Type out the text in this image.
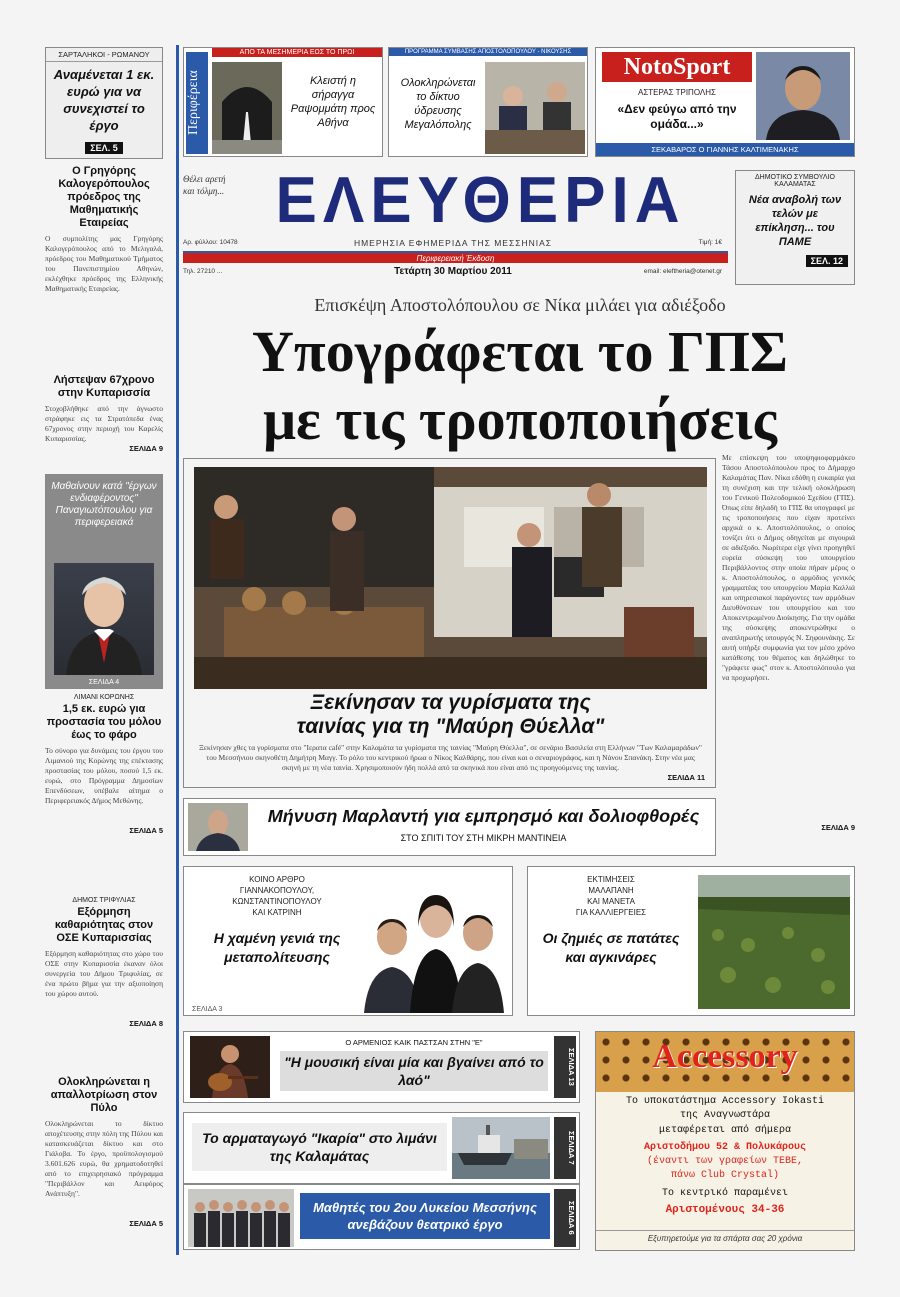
ΣΑΡΤΑΛΗΚΟΙ - ΡΩΜΑΝΟΥ
Αναμένεται 1 εκ. ευρώ για να συνεχιστεί το έργο
ΣΕΛ. 5
Ο Γρηγόρης Καλογερόπουλος πρόεδρος της Μαθηματικής Εταιρείας
Ο συμπολίτης μας Γρηγόρης Καλογερόπουλος από το Μελιγαλά, πρόεδρος του Μαθηματικού Τμήματος του Πανεπιστημίου Αθηνών, εκλέχθηκε πρόεδρος της Ελληνικής Μαθηματικής Εταιρείας.
Λήστεψαν 67χρονο στην Κυπαρισσία
Στοχοβλήθηκε από την άγνωστο στράφηκε εις τα Στρατόπεδα ένας 67χρονος στην περιοχή του Καρελίς Κυπαρισσίας.
ΣΕΛΙΔΑ 9
Μαθαίνουν κατά "έργων ενδιαφέροντος" Παναγιωτόπουλου για περιφερειακά
ΣΕΛΙΔΑ 4
ΛΙΜΑΝΙ ΚΟΡΩΝΗΣ
1,5 εκ. ευρώ για προστασία του μόλου έως το φάρο
Το σύνορο για δυνάμεις του έργου του Λιμανιού της Κορώνης της επέκτασης προστασίας του μόλου, ποσού 1,5 εκ. ευρώ, στο Πρόγραμμα Δημοσίων Επενδύσεων, υπέβαλε αίτημα ο Περιφερειακός Δήμος Μεθώνης.
ΣΕΛΙΔΑ 5
ΔΗΜΟΣ ΤΡΙΦΥΛΙΑΣ
Εξόρμηση καθαριότητας στον ΟΣΕ Κυπαρισσίας
Εξόρμηση καθαριότητας στο χώρο του ΟΣΕ στην Κυπαρισσία έκαναν όλοι συνεργεία του Δήμου Τριφυλίας, σε ένα πρώτο βήμα για την αξιοποίηση του χώρου αυτού.
ΣΕΛΙΔΑ 8
Ολοκληρώνεται η απαλλοτρίωση στον Πύλο
Ολοκληρώνεται το δίκτυο αποχέτευσης στην πόλη της Πύλου και κατασκευάζεται δίκτυο και στο Γιάλοβα. Το έργο, προϋπολογισμού 3.601.626 ευρώ, θα χρηματοδοτηθεί από το επιχειρησιακό πρόγραμμα "Περιβάλλον και Αειφόρος Ανάπτυξη".
ΣΕΛΙΔΑ 5
Περιφέρεια
ΑΠΟ ΤΑ ΜΕΣΗΜΕΡΙΑ ΕΩΣ ΤΟ ΠΡΩΙ
Κλειστή η σήραγγα Ραψομμάτη προς Αθήνα
ΠΡΟΓΡΑΜΜΑ ΣΥΜΒΑΣΗΣ ΑΠΟΣΤΟΛΟΠΟΥΛΟΥ - ΝΙΚΟΥΣΗΣ
Ολοκληρώνεται το δίκτυο ύδρευσης Μεγαλόπολης
NotoSport
ΑΣΤΕΡΑΣ ΤΡΙΠΟΛΗΣ
«Δεν φεύγω από την ομάδα...»
ΣΕΚΑΒΑΡΟΣ Ο ΓΙΑΝΝΗΣ ΚΑΛΤΙΜΕΝΑΚΗΣ
Θέλει αρετή και τόλμη... ΕΛΕΥΘΕΡΙΑ
Αρ. φύλλου: 10478	ΗΜΕΡΗΣΙΑ ΕΦΗΜΕΡΙΔΑ ΤΗΣ ΜΕΣΣΗΝΙΑΣ	Τιμή: 1€
Περιφερειακή Έκδοση
Τηλ. 27210 ...	Τετάρτη 30 Μαρτίου 2011	email: eleftheria@otenet.gr
ΔΗΜΟΤΙΚΟ ΣΥΜΒΟΥΛΙΟ ΚΑΛΑΜΑΤΑΣ
Νέα αναβολή των τελών με επίκληση... του ΠΑΜΕ
ΣΕΛ. 12
Επισκέψη Αποστολόπουλου σε Νίκα μιλάει για αδιέξοδο
Υπογράφεται το ΓΠΣ
με τις τροποποιήσεις
Με επίσκεψη του υποψηφιοφαρμάκευ Τάσου Αποστολόπουλου προς το Δήμαρχο Καλαμάτας Παν. Νίκα εδόθη η ευκαιρία για τη συνέχιση και την τελική ολοκλήρωση του Γενικού Πολεοδομικού Σχεδίου (ΓΠΣ). Όπως είπε δηλαδή το ΓΠΣ θα υπογραφεί με τις τροποποιήσεις που είχαν προτείνει αρχικά ο κ. Αποστολόπουλος, ο οποίος τονίζει ότι ο Δήμος οδηγείται με σιγουριά σε αδιέξοδο. Νωρίτερα είχε γίνει προηγηθεί ευρεία σύσκεψη του υπουργείου Περιβάλλοντος στην οποία πήραν μέρος ο κ. Αποστολόπουλος, ο αρμόδιος γενικός γραμματέας του υπουργείου Μαρία Καλλιά και υπηρεσιακοί παράγοντες των αρμόδιων Διευθύνσεων του υπουργείου και του Αποκεντρωμένου Διοίκησης. Για την ομάδα της σύσκεψης αποκεντρώθηκε ο αναπληρωτής υπουργός Ν. Σηφουνάκης. Σε αυτή υπήρξε συμφωνία για τον μέσο χρόνο κατάθεσης του θέματος και δηλώθηκε το "γράφετε φως" στον κ. Αποστολόπουλο για να προχωρήσει.
ΣΕΛΙΔΑ 9
Ξεκίνησαν τα γυρίσματα της
ταινίας για τη "Μαύρη Θύελλα"
Ξεκίνησαν χθες τα γυρίσματα στο "Ιερατα café" στην Καλαμάτα τα γυρίσματα της ταινίας "Μαύρη Θύελλα", σε σενάριο Βασιλεία στη Ελλήνων "Των Καλαμαράδων" του Μεσσήνιου σκηνοθέτη Δημήτρη Μαγγ. Το ρόλο του κεντρικού ήρωα ο Νίκος Καλθάρης, που είναι και ο σεναριογράφος, και η Νάνου Σπανάκη. Στην νέα μας σκηνή με τη νέα ταινία. Χρησιμοποιούν ήδη πολλά από τα σκηνικά που είναι από τις προηγούμενες της ταινίας.
ΣΕΛΙΔΑ 11
Μήνυση Μαρλαντή για εμπρησμό και δολιοφθορές
ΣΤΟ ΣΠΙΤΙ ΤΟΥ ΣΤΗ ΜΙΚΡΗ ΜΑΝΤΙΝΕΙΑ
ΚΟΙΝΟ ΑΡΘΡΟ
ΓΙΑΝΝΑΚΟΠΟΥΛΟΥ,
ΚΩΝΣΤΑΝΤΙΝΟΠΟΥΛΟΥ
ΚΑΙ ΚΑΤΡΙΝΗ
Η χαμένη γενιά της μεταπολίτευσης
ΣΕΛΙΔΑ 3
ΕΚΤΙΜΗΣΕΙΣ
ΜΑΛΑΠΑΝΗ
ΚΑΙ ΜΑΝΕΤΑ
ΓΙΑ ΚΑΛΛΙΕΡΓΕΙΕΣ
Οι ζημιές σε πατάτες και αγκινάρες
Ο ΑΡΜΕΝΙΟΣ ΚΑΙΚ ΠΑΣΤΣΑΝ ΣΤΗΝ "Ε"
"Η μουσική είναι μία και βγαίνει από το λαό"	ΣΕΛΙΔΑ 13
Το αρματαγωγό "Ικαρία" στο λιμάνι της Καλαμάτας	ΣΕΛΙΔΑ 7
Μαθητές του 2ου Λυκείου Μεσσήνης ανεβάζουν θεατρικό έργο	ΣΕΛΙΔΑ 6
Accessory
Το υποκατάστημα Accessory Iokasti
της Αναγνωστάρα
μεταφέρεται από σήμερα
Αριστοδήμου 52 & Πολυκάρους
(έναντι των γραφείων ΤΕΒΕ,
πάνω Club Crystal)
Το κεντρικό παραμένει
Αριστομένους 34-36
Εξυπηρετούμε για τα σπάρτα σας 20 χρόνια
